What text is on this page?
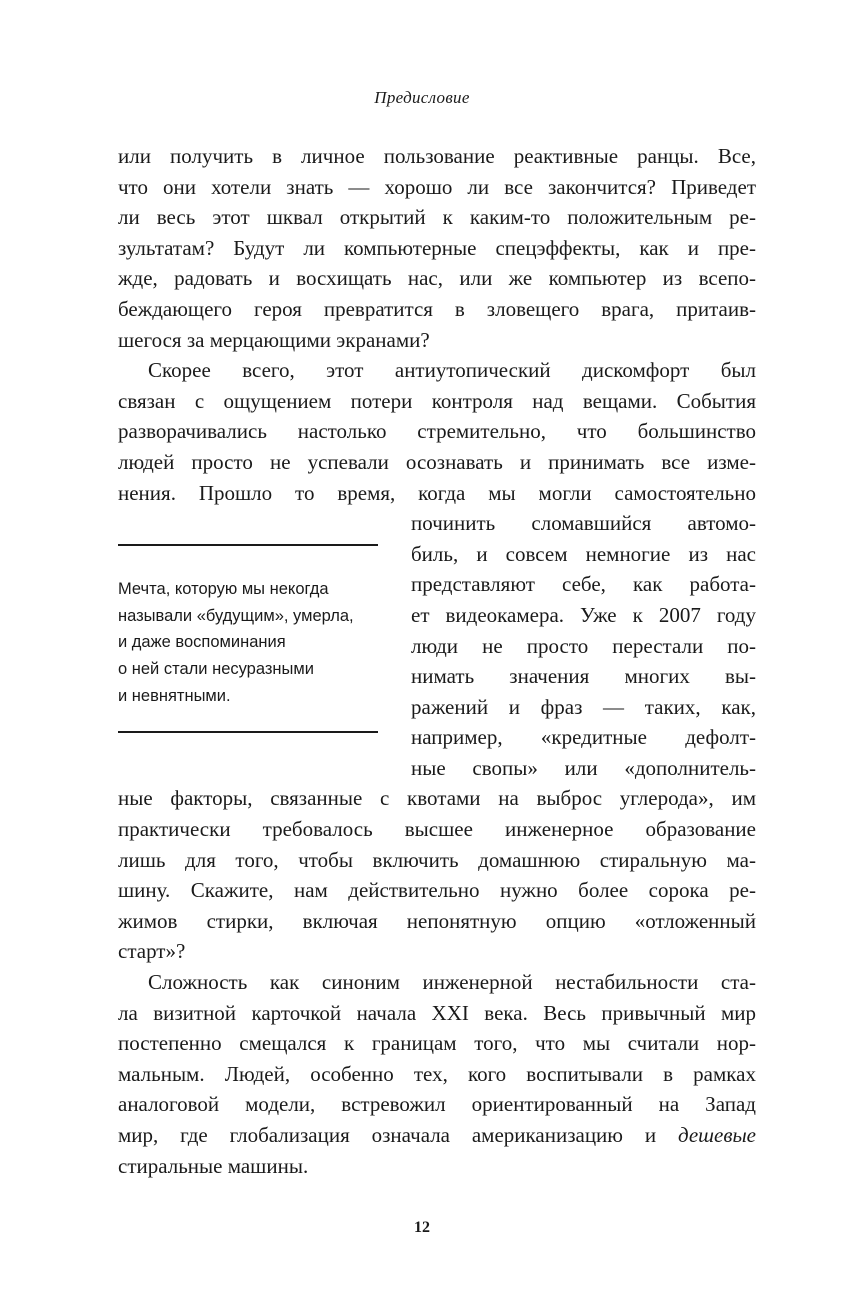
Предисловие
или получить в личное пользование реактивные ранцы. Все,
что они хотели знать — хорошо ли все закончится? Приведет
ли весь этот шквал открытий к каким-то положительным ре-
зультатам? Будут ли компьютерные спецэффекты, как и пре-
жде, радовать и восхищать нас, или же компьютер из всепо-
беждающего героя превратится в зловещего врага, притаив-
шегося за мерцающими экранами?
Скорее всего, этот антиутопический дискомфорт был
связан с ощущением потери контроля над вещами. События
разворачивались настолько стремительно, что большинство
людей просто не успевали осознавать и принимать все изме-
нения. Прошло то время, когда мы могли самостоятельно
починить сломавшийся автомо-
биль, и совсем немногие из нас
представляют себе, как работа-
ет видеокамера. Уже к 2007 году
люди не просто перестали по-
нимать значения многих вы-
ражений и фраз — таких, как,
например, «кредитные дефолт-
ные свопы» или «дополнитель-
ные факторы, связанные с квотами на выброс углерода», им
практически требовалось высшее инженерное образование
лишь для того, чтобы включить домашнюю стиральную ма-
шину. Скажите, нам действительно нужно более сорока ре-
жимов стирки, включая непонятную опцию «отложенный
старт»?
Сложность как синоним инженерной нестабильности ста-
ла визитной карточкой начала XXI века. Весь привычный мир
постепенно смещался к границам того, что мы считали нор-
мальным. Людей, особенно тех, кого воспитывали в рамках
аналоговой модели, встревожил ориентированный на Запад
мир, где глобализация означала американизацию и дешевые
стиральные машины.
Мечта, которую мы некогда
называли «будущим», умерла,
и даже воспоминания
о ней стали несуразными
и невнятными.
12
